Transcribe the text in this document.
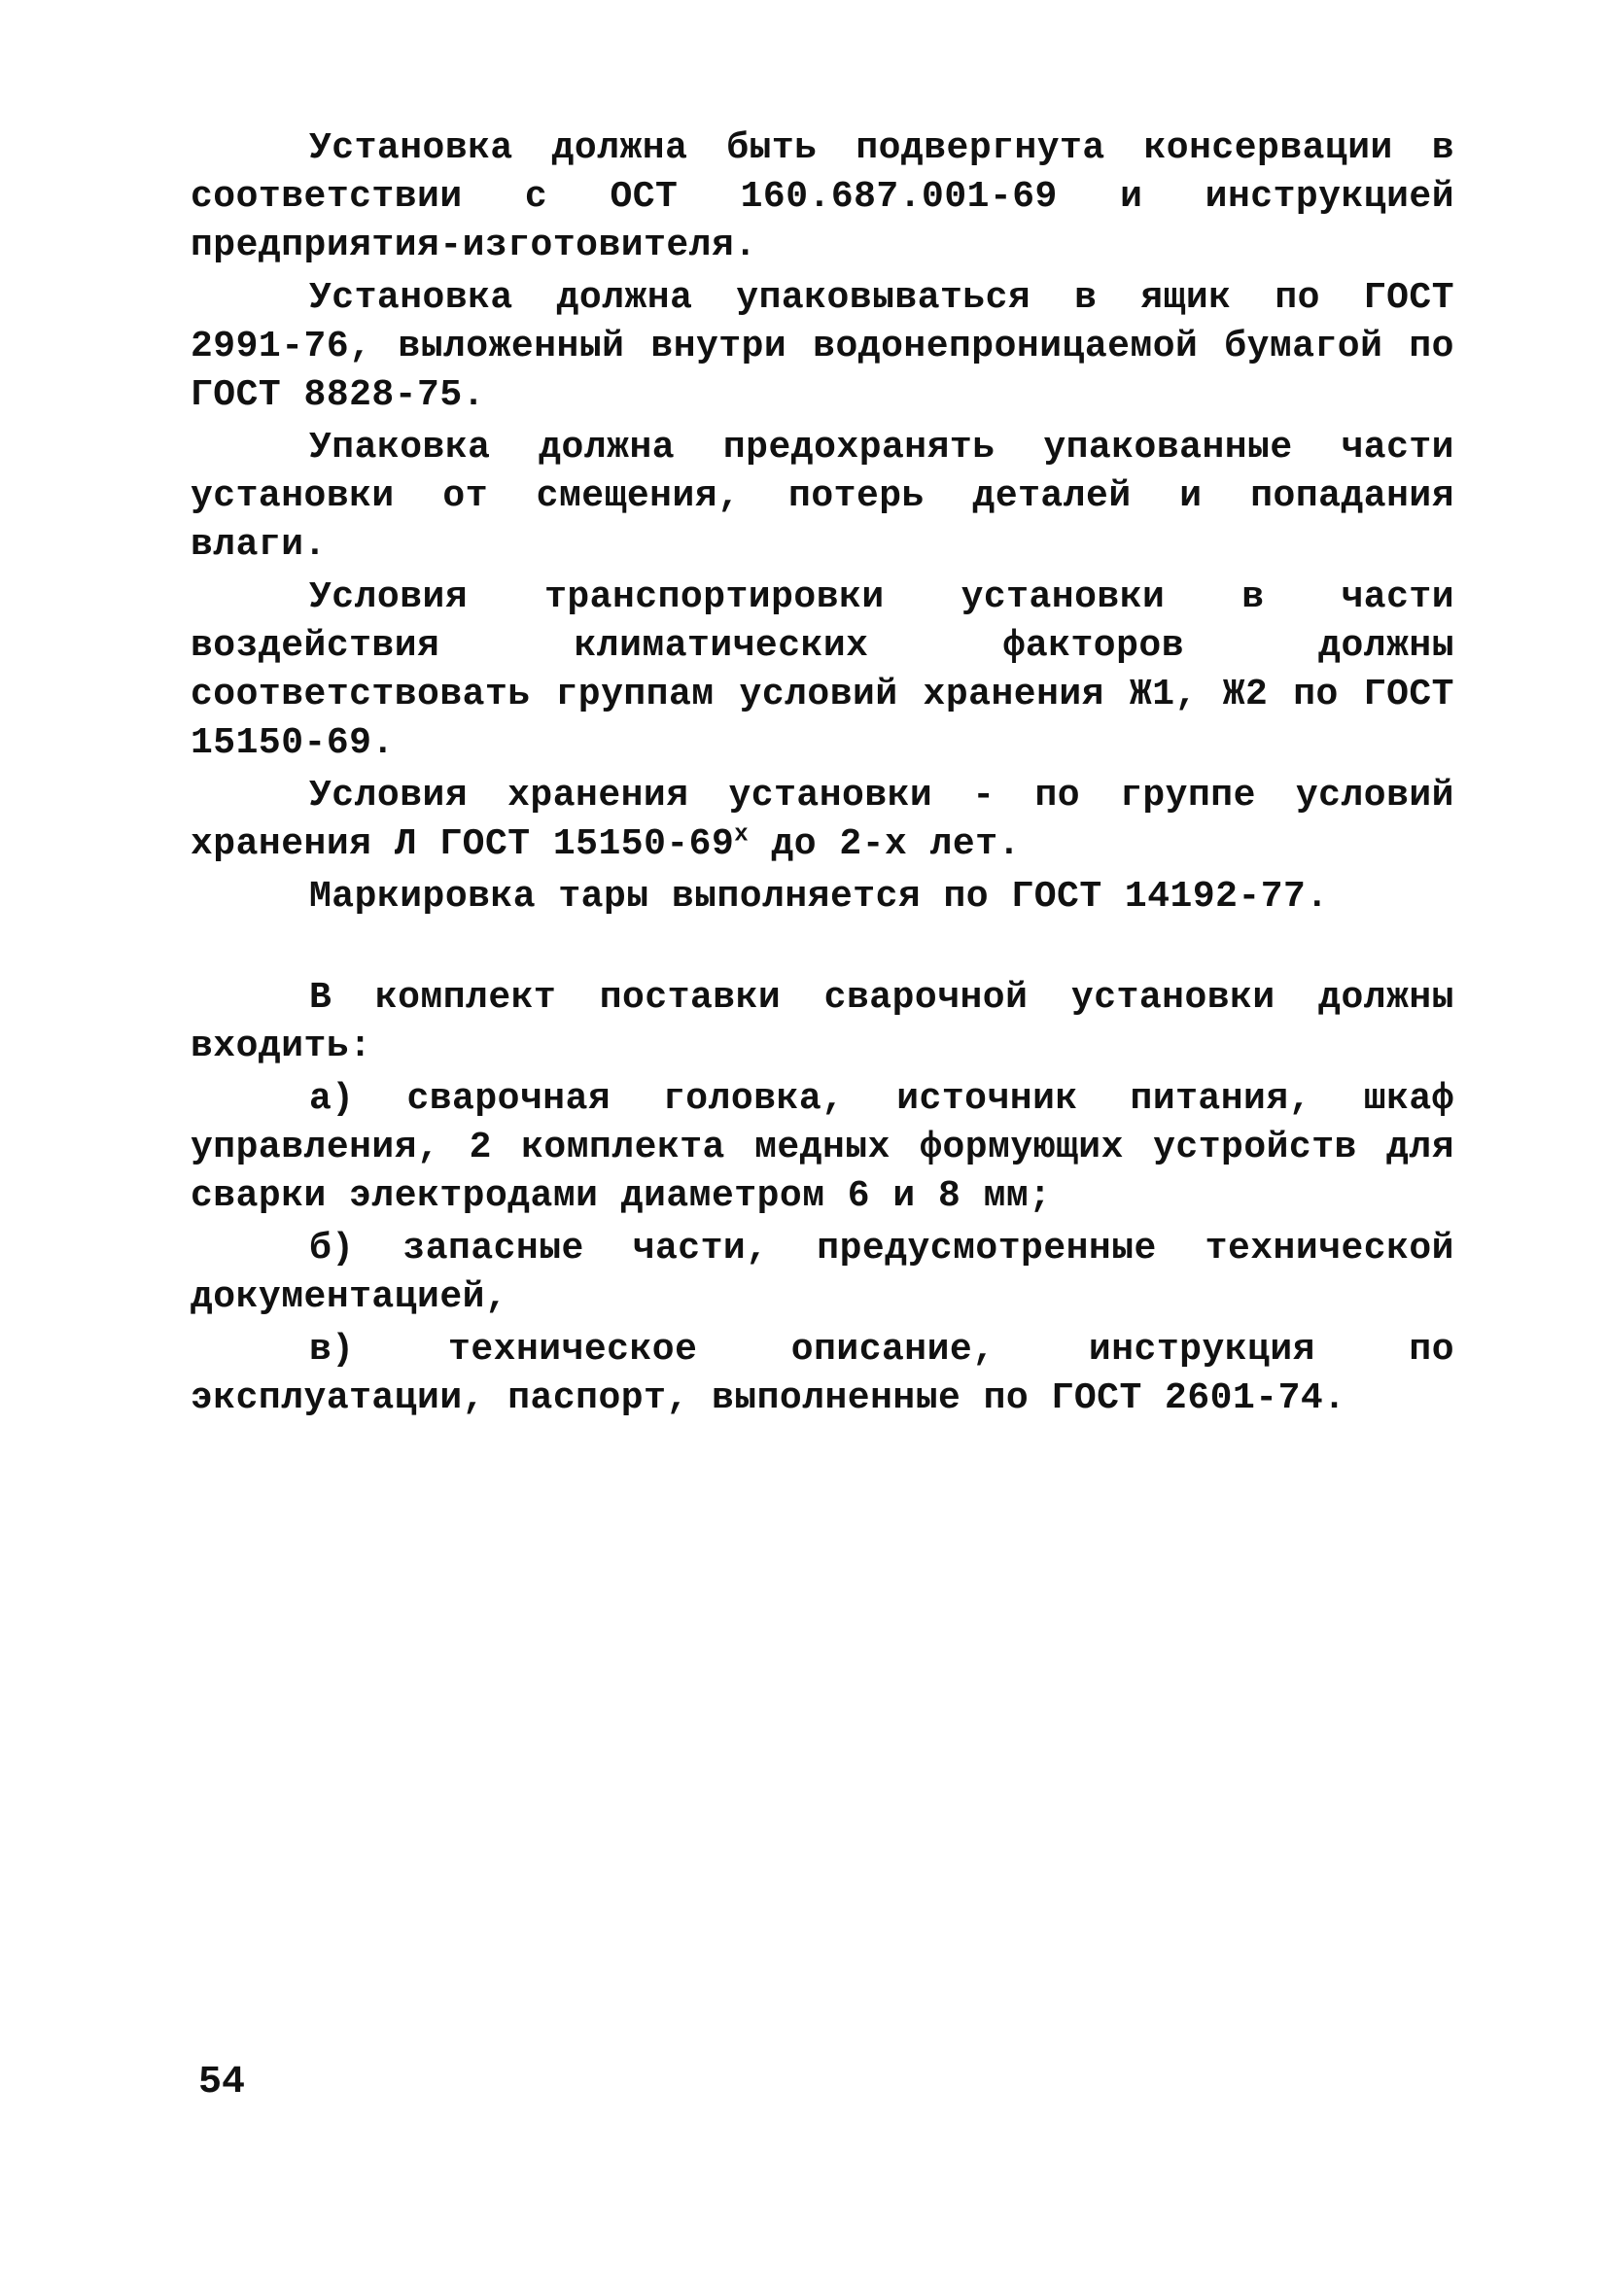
Установка должна быть подвергнута консервации в соответствии с ОСТ 160.687.001-69 и инструкцией предприятия-изготовителя.

Установка должна упаковываться в ящик по ГОСТ 2991-76, выложенный внутри водонепроницаемой бумагой по ГОСТ 8828-75.

Упаковка должна предохранять упакованные части установки от смещения, потерь деталей и попадания влаги.

Условия транспортировки установки в части воздействия климатических факторов должны соответствовать группам условий хранения Ж1, Ж2 по ГОСТ 15150-69.

Условия хранения установки - по группе условий хранения Л ГОСТ $15150-69^х$ до 2-х лет.

Маркировка тары выполняется по ГОСТ 14192-77.

В комплект поставки сварочной установки должны входить:

а) сварочная головка, источник питания, шкаф управления, 2 комплекта медных формующих устройств для сварки электродами диаметром 6 и 8 мм;

б) запасные части, предусмотренные технической документацией,

в) техническое описание, инструкция по эксплуатации, паспорт, выполненные по ГОСТ 2601-74.

54
